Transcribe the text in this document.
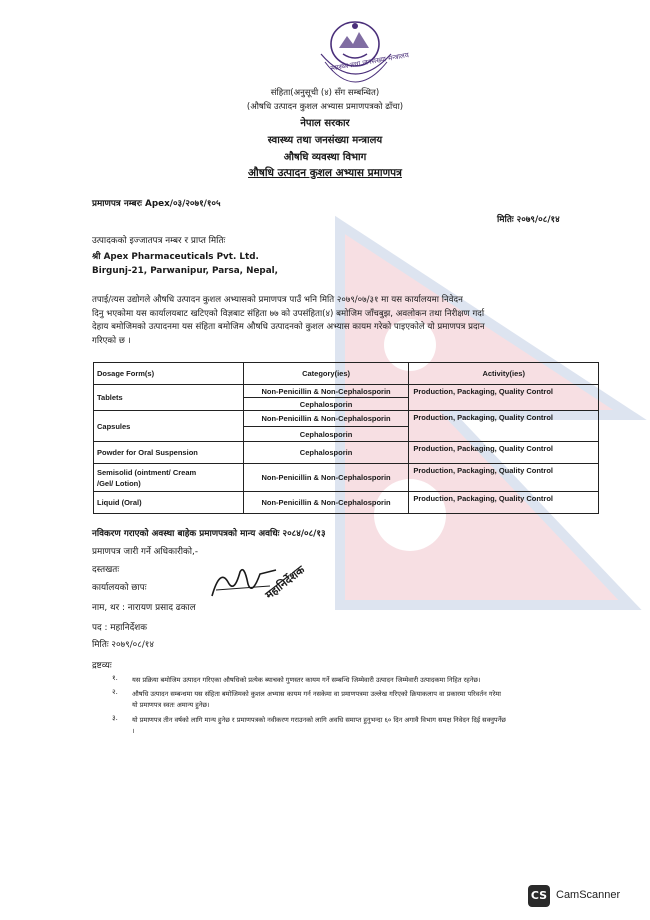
स्वास्थ्य तथा जनसंख्या मन्त्रालय
संहिता(अनुसूची (४) सँग सम्बन्धित)
(औषधि उत्पादन कुशल अभ्यास प्रमाणपत्रको ढाँचा)
नेपाल सरकार
स्वास्थ्य तथा जनसंख्या मन्त्रालय
औषधि व्यवस्था विभाग
औषधि उत्पादन कुशल अभ्यास प्रमाणपत्र
प्रमाणपत्र नम्बरः Apex/०३/२०७१/१०५
मितिः २०७९/०८/१४
उत्पादकको इज्जातपत्र नम्बर र प्राप्त मितिः
श्री Apex Pharmaceuticals Pvt. Ltd.
Birgunj-21, Parwanipur, Parsa, Nepal,
तपाई/त्यस उद्योगले औषधि उत्पादन कुशल अभ्यासको प्रमाणपत्र पाउँ भनि मिति २०७९/०७/३१ मा यस कार्यालयमा निवेदन
दिनु भएकोमा यस कार्यालयबाट खटिएको विज्ञबाट संहिता ७७ को उपसंहिता(४) बमोजिम जाँचबुझ, अवलोकन तथा निरीक्षण गर्दा
देहाय बमोजिमको उत्पादनमा यस संहिता बमोजिम औषधि उत्पादनको कुशल अभ्यास कायम गरेको पाइएकोले यो प्रमाणपत्र प्रदान
गरिएको छ ।
Dosage Form(s)	Category(ies)	Activity(ies)
Tablets	Non-Penicillin & Non-Cephalosporin	Production, Packaging, Quality Control
	Cephalosporin	
Capsules	Non-Penicillin & Non-Cephalosporin	Production, Packaging, Quality Control
	Cephalosporin	
Powder for Oral Suspension	Cephalosporin	Production, Packaging, Quality Control

Semisolid (ointment/ Cream
/Gel/ Lotion)	Non-Penicillin & Non-Cephalosporin	Production, Packaging, Quality Control
Liquid (Oral)	Non-Penicillin & Non-Cephalosporin	Production, Packaging, Quality Control
नविकरण गराएको अवस्था बाहेक प्रमाणपत्रको मान्य अवधिः २०८४/०८/१३
प्रमाणपत्र जारी गर्ने अधिकारीको,-
दस्तखतः
कार्यालयको छापः
नाम, थर : नारायण प्रसाद ढकाल
पद : महानिर्देशक
मितिः २०७९/०८/१४
महानिर्देशक
द्रष्टव्यः
१. यस प्रक्रिया बमोजिम उत्पादन गरिएका औषधिको प्रत्येक ब्याचको गुणस्तर कायम गर्ने सम्बन्धि जिम्मेवारी उत्पादन जिम्मेवारी उत्पादकमा निहित रहनेछ।
२. औषधि उत्पादन सम्बन्धमा यस संहिता बमोजिमको कुशल अभ्यास कायम गर्न नसकेमा वा प्रमाणपत्रमा उल्लेख गरिएको क्रियाकलाप वा प्रकारमा परिवर्तन गरेमा
यो प्रमाणपत्र स्वतः अमान्य हुनेछ।
३. यो प्रमाणपत्र तीन वर्षको लागि मान्य हुनेछ र प्रमाणपत्रको नवीकरण गराउनको लागि अवधि समाप्त हुनुभन्दा ६० दिन अगावै विभाग समक्ष निवेदन दिई सक्नुपर्नेछ
।
CS CamScanner
